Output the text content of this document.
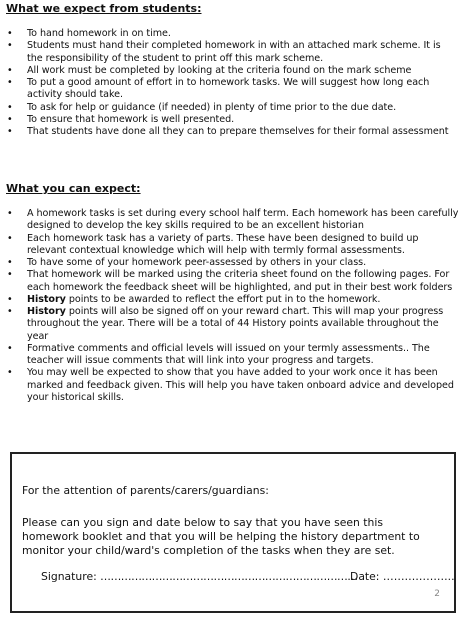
What we expect from students:
• To hand homework in on time.
• Students must hand their completed homework in with an attached mark scheme. It is the responsibility of the student to print off this mark scheme.
• All work must be completed by looking at the criteria found on the mark scheme
• To put a good amount of effort in to homework tasks. We will suggest how long each activity should take.
• To ask for help or guidance (if needed) in plenty of time prior to the due date.
• To ensure that homework is well presented.
• That students have done all they can to prepare themselves for their formal assessment
What you can expect:
• A homework tasks is set during every school half term. Each homework has been carefully designed to develop the key skills required to be an excellent historian
• Each homework task has a variety of parts. These have been designed to build up relevant contextual knowledge which will help with termly formal assessments.
• To have some of your homework peer-assessed by others in your class.
• That homework will be marked using the criteria sheet found on the following pages. For each homework the feedback sheet will be highlighted, and put in their best work folders
• History points to be awarded to reflect the effort put in to the homework.
• History points will also be signed off on your reward chart. This will map your progress throughout the year. There will be a total of 44 History points available throughout the year
• Formative comments and official levels will issued on your termly assessments.. The teacher will issue comments that will link into your progress and targets.
• You may well be expected to show that you have added to your work once it has been marked and feedback given. This will help you have taken onboard advice and developed your historical skills.

For the attention of parents/carers/guardians:

Please can you sign and date below to say that you have seen this homework booklet and that you will be helping the history department to monitor your child/ward's completion of the tasks when they are set.

Signature: …………………………………………………………………
Date: ………………..
2
